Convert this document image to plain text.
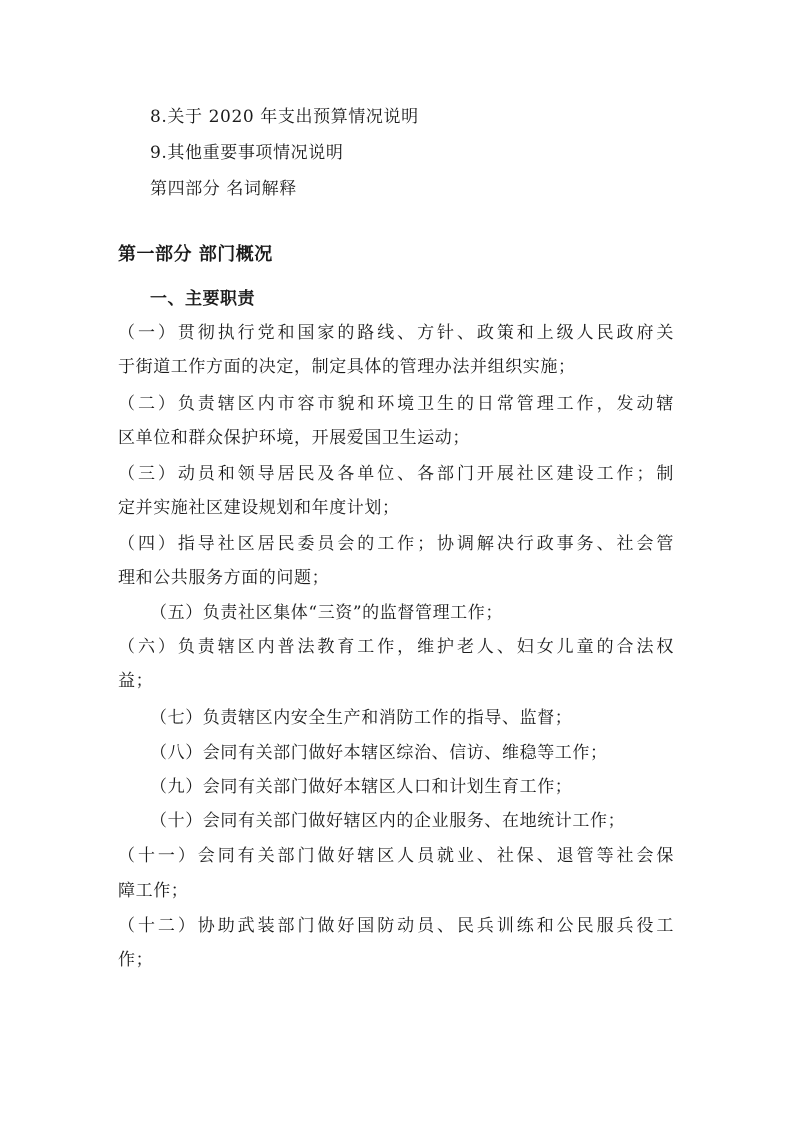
8.关于 2020 年支出预算情况说明
9.其他重要事项情况说明
第四部分 名词解释
第一部分 部门概况
一、主要职责
（一）贯彻执行党和国家的路线、方针、政策和上级人民政府关
于街道工作方面的决定，制定具体的管理办法并组织实施；
（二）负责辖区内市容市貌和环境卫生的日常管理工作，发动辖
区单位和群众保护环境，开展爱国卫生运动；
（三）动员和领导居民及各单位、各部门开展社区建设工作；制
定并实施社区建设规划和年度计划；
（四）指导社区居民委员会的工作；协调解决行政事务、社会管
理和公共服务方面的问题；
（五）负责社区集体“三资”的监督管理工作；
（六）负责辖区内普法教育工作，维护老人、妇女儿童的合法权
益；
（七）负责辖区内安全生产和消防工作的指导、监督；
（八）会同有关部门做好本辖区综治、信访、维稳等工作；
（九）会同有关部门做好本辖区人口和计划生育工作；
（十）会同有关部门做好辖区内的企业服务、在地统计工作；
（十一）会同有关部门做好辖区人员就业、社保、退管等社会保
障工作；
（十二）协助武装部门做好国防动员、民兵训练和公民服兵役工
作；
